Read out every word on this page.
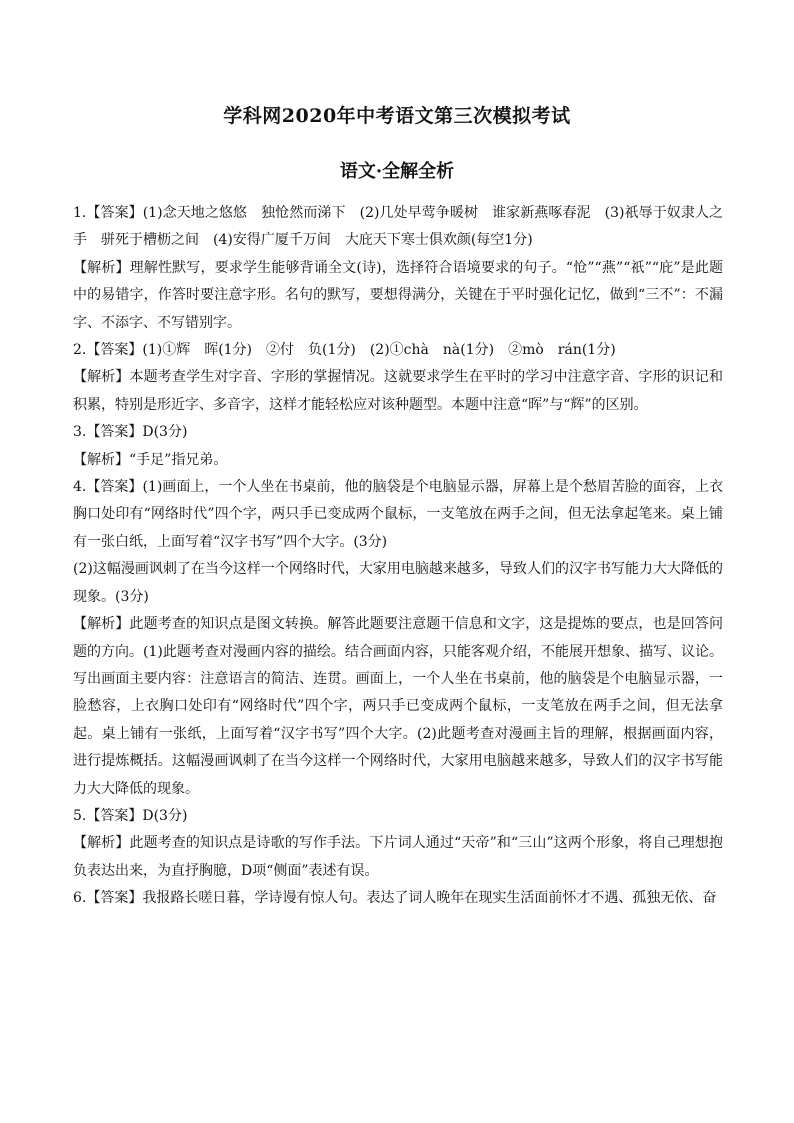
学科网2020年中考语文第三次模拟考试
语文·全解全析

1.【答案】(1)念天地之悠悠　独怆然而涕下　(2)几处早莺争暖树　谁家新燕啄春泥　(3)祇辱于奴隶人之手　骈死于槽枥之间　(4)安得广厦千万间　大庇天下寒士俱欢颜(每空1分)

【解析】理解性默写，要求学生能够背诵全文(诗)，选择符合语境要求的句子。“怆”“燕”“祇”“庇”是此题中的易错字，作答时要注意字形。名句的默写，要想得满分，关键在于平时强化记忆，做到“三不”：不漏字、不添字、不写错别字。

2.【答案】(1)①辉　晖(1分)　②付　负(1分)　(2)①chà　nà(1分)　②mò　rán(1分)

【解析】本题考查学生对字音、字形的掌握情况。这就要求学生在平时的学习中注意字音、字形的识记和积累，特别是形近字、多音字，这样才能轻松应对该种题型。本题中注意“晖”与“辉”的区别。

3.【答案】D(3分)

【解析】“手足”指兄弟。

4.【答案】(1)画面上，一个人坐在书桌前，他的脑袋是个电脑显示器，屏幕上是个愁眉苦脸的面容，上衣胸口处印有“网络时代”四个字，两只手已变成两个鼠标，一支笔放在两手之间，但无法拿起笔来。桌上铺有一张白纸，上面写着“汉字书写”四个大字。(3分)

(2)这幅漫画讽刺了在当今这样一个网络时代，大家用电脑越来越多，导致人们的汉字书写能力大大降低的现象。(3分)

【解析】此题考查的知识点是图文转换。解答此题要注意题干信息和文字，这是提炼的要点，也是回答问题的方向。(1)此题考查对漫画内容的描绘。结合画面内容，只能客观介绍，不能展开想象、描写、议论。写出画面主要内容：注意语言的简洁、连贯。画面上，一个人坐在书桌前，他的脑袋是个电脑显示器，一脸愁容，上衣胸口处印有“网络时代”四个字，两只手已变成两个鼠标，一支笔放在两手之间，但无法拿起。桌上铺有一张纸，上面写着“汉字书写”四个大字。(2)此题考查对漫画主旨的理解，根据画面内容，进行提炼概括。这幅漫画讽刺了在当今这样一个网络时代，大家用电脑越来越多，导致人们的汉字书写能力大大降低的现象。

5.【答案】D(3分)

【解析】此题考查的知识点是诗歌的写作手法。下片词人通过“天帝”和“三山”这两个形象，将自己理想抱负表达出来，为直抒胸臆，D项“侧面”表述有误。

6.【答案】我报路长嗟日暮，学诗谩有惊人句。表达了词人晚年在现实生活面前怀才不遇、孤独无依、奋
